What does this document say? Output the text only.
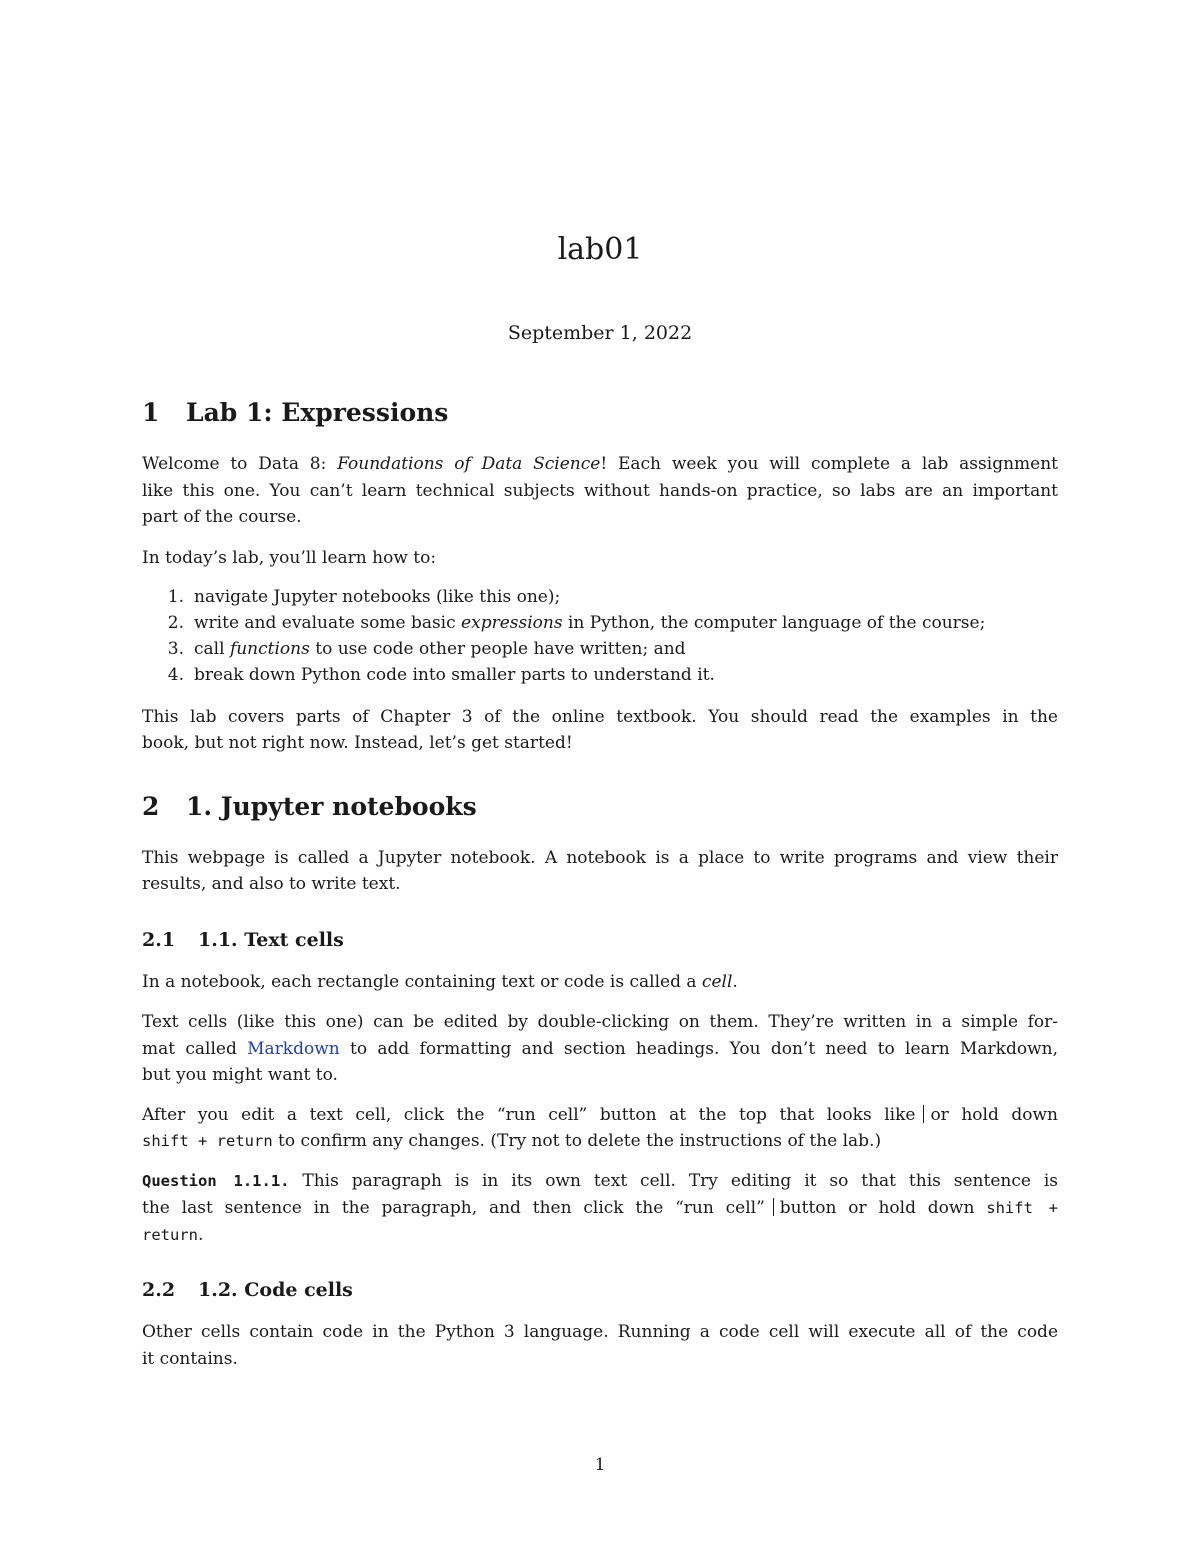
lab01
September 1, 2022
1 Lab 1: Expressions
Welcome to Data 8: Foundations of Data Science! Each week you will complete a lab assignment
like this one. You can’t learn technical subjects without hands-on practice, so labs are an important
part of the course.
In today’s lab, you’ll learn how to:
1. navigate Jupyter notebooks (like this one);
2. write and evaluate some basic expressions in Python, the computer language of the course;
3. call functions to use code other people have written; and
4. break down Python code into smaller parts to understand it.
This lab covers parts of Chapter 3 of the online textbook. You should read the examples in the
book, but not right now. Instead, let’s get started!
2 1. Jupyter notebooks
This webpage is called a Jupyter notebook. A notebook is a place to write programs and view their
results, and also to write text.
2.1 1.1. Text cells
In a notebook, each rectangle containing text or code is called a cell.
Text cells (like this one) can be edited by double-clicking on them. They’re written in a simple for-
mat called Markdown to add formatting and section headings. You don’t need to learn Markdown,
but you might want to.
After you edit a text cell, click the “run cell” button at the top that looks like or hold down
shift + return to confirm any changes. (Try not to delete the instructions of the lab.)
Question 1.1.1. This paragraph is in its own text cell. Try editing it so that this sentence is
the last sentence in the paragraph, and then click the “run cell” button or hold down shift +
return.
2.2 1.2. Code cells
Other cells contain code in the Python 3 language. Running a code cell will execute all of the code
it contains.
1
